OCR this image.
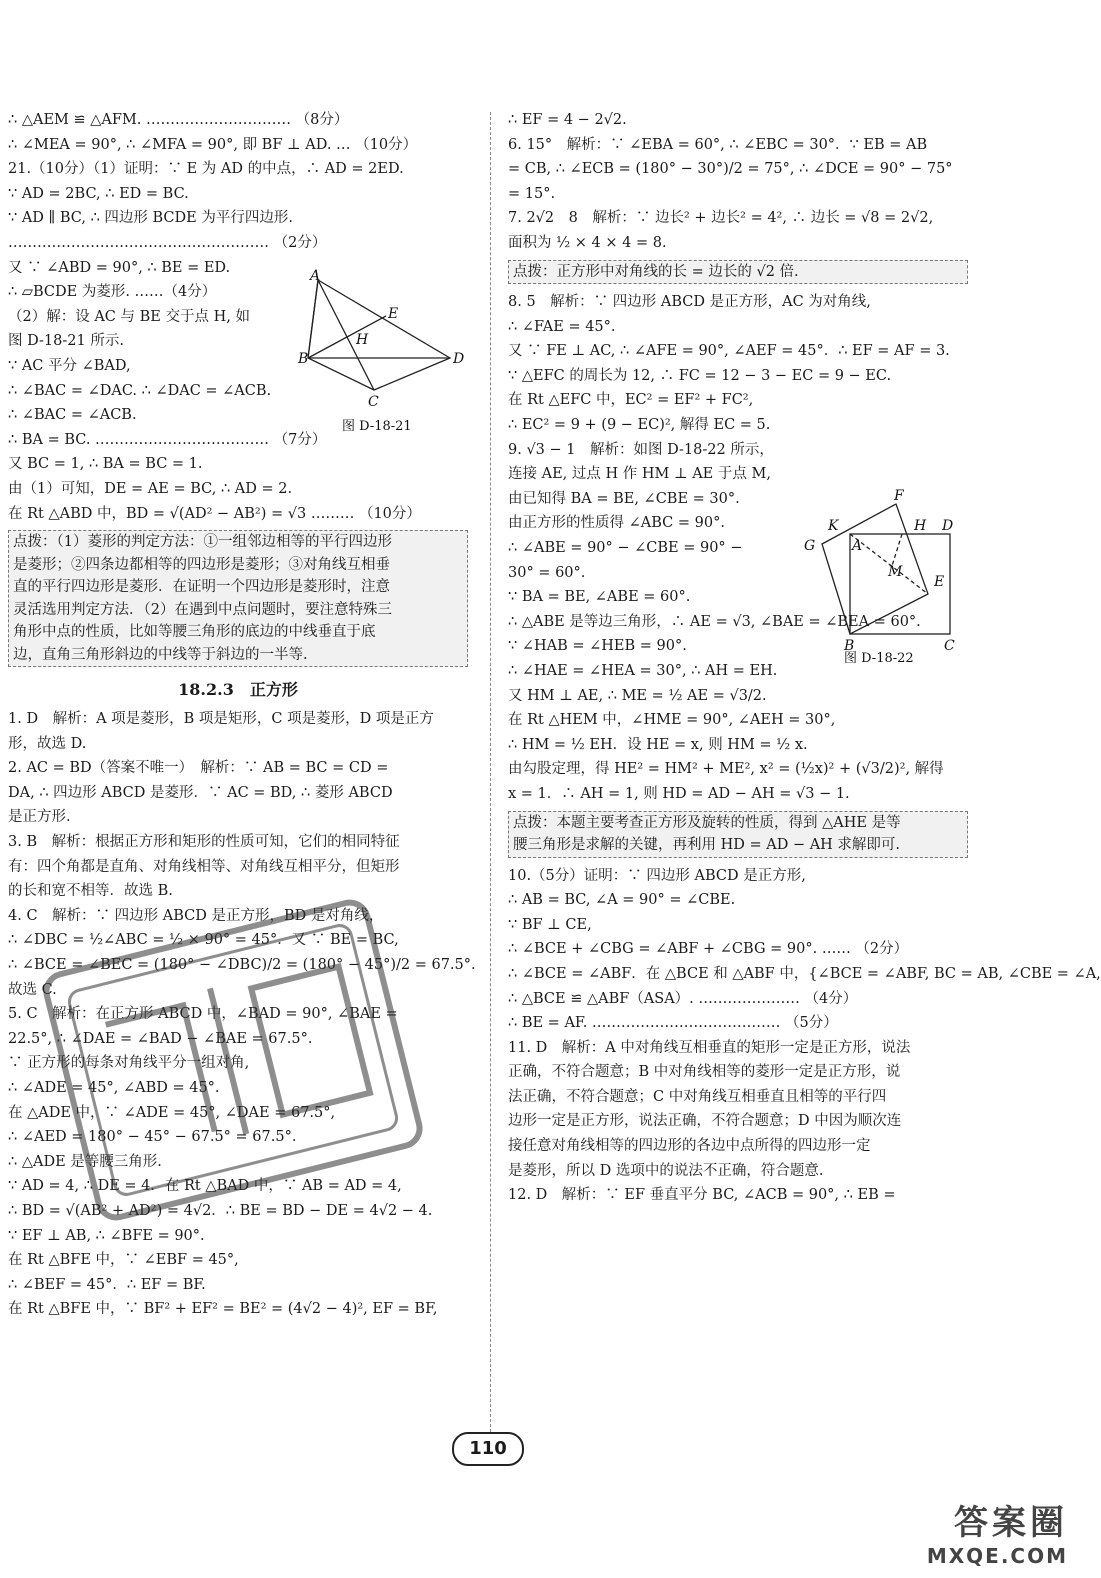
∴ △AEM ≌ △AFM. ………………………… （8分）
∴ ∠MEA = 90°, ∴ ∠MFA = 90°, 即 BF ⊥ AD. … （10分）
21.（10分）（1）证明：∵ E 为 AD 的中点，∴ AD = 2ED.
∵ AD = 2BC, ∴ ED = BC.
∵ AD ∥ BC, ∴ 四边形 BCDE 为平行四边形.
……………………………………………… （2分）
又 ∵ ∠ABD = 90°, ∴ BE = ED.
∴ ▱BCDE 为菱形. ……（4分）
（2）解：设 AC 与 BE 交于点 H, 如
图 D-18-21 所示.
∵ AC 平分 ∠BAD,
∴ ∠BAC = ∠DAC. ∴ ∠DAC = ∠ACB.
∴ ∠BAC = ∠ACB.
∴ BA = BC. ……………………………… （7分）
又 BC = 1, ∴ BA = BC = 1.
由（1）可知，DE = AE = BC, ∴ AD = 2.
在 Rt △ABD 中，BD = √(AD² − AB²) = √3 ……… （10分）
点拨：（1）菱形的判定方法：①一组邻边相等的平行四边形
是菱形；②四条边都相等的四边形是菱形；③对角线互相垂
直的平行四边形是菱形．在证明一个四边形是菱形时，注意
灵活选用判定方法．（2）在遇到中点问题时，要注意特殊三
角形中点的性质，比如等腰三角形的底边的中线垂直于底
边，直角三角形斜边的中线等于斜边的一半等.
18.2.3　正方形
1. D　解析：A 项是菱形，B 项是矩形，C 项是菱形，D 项是正方
形，故选 D.
2. AC = BD（答案不唯一）　解析：∵ AB = BC = CD =
DA, ∴ 四边形 ABCD 是菱形．∵ AC = BD, ∴ 菱形 ABCD
是正方形.
3. B　解析：根据正方形和矩形的性质可知，它们的相同特征
有：四个角都是直角、对角线相等、对角线互相平分，但矩形
的长和宽不相等．故选 B.
4. C　解析：∵ 四边形 ABCD 是正方形，BD 是对角线，
∴ ∠DBC = ½∠ABC = ½ × 90° = 45°．又 ∵ BE = BC,
∴ ∠BCE = ∠BEC = (180° − ∠DBC)/2 = (180° − 45°)/2 = 67.5°.
故选 C.
5. C　解析：在正方形 ABCD 中，∠BAD = 90°, ∠BAE =
22.5°, ∴ ∠DAE = ∠BAD − ∠BAE = 67.5°.
∵ 正方形的每条对角线平分一组对角,
∴ ∠ADE = 45°, ∠ABD = 45°.
在 △ADE 中，∵ ∠ADE = 45°, ∠DAE = 67.5°,
∴ ∠AED = 180° − 45° − 67.5° = 67.5°.
∴ △ADE 是等腰三角形.
∵ AD = 4, ∴ DE = 4．在 Rt △BAD 中，∵ AB = AD = 4,
∴ BD = √(AB² + AD²) = 4√2．∴ BE = BD − DE = 4√2 − 4.
∵ EF ⊥ AB, ∴ ∠BFE = 90°.
在 Rt △BFE 中，∵ ∠EBF = 45°,
∴ ∠BEF = 45°．∴ EF = BF.
在 Rt △BFE 中，∵ BF² + EF² = BE² = (4√2 − 4)², EF = BF,
∴ EF = 4 − 2√2.
6. 15°　解析：∵ ∠EBA = 60°, ∴ ∠EBC = 30°．∵ EB = AB
= CB, ∴ ∠ECB = (180° − 30°)/2 = 75°, ∴ ∠DCE = 90° − 75°
= 15°.
7. 2√2　8　解析：∵ 边长² + 边长² = 4², ∴ 边长 = √8 = 2√2,
面积为 ½ × 4 × 4 = 8.
点拨：正方形中对角线的长 = 边长的 √2 倍.
8. 5　解析：∵ 四边形 ABCD 是正方形，AC 为对角线,
∴ ∠FAE = 45°.
又 ∵ FE ⊥ AC, ∴ ∠AFE = 90°, ∠AEF = 45°．∴ EF = AF = 3.
∵ △EFC 的周长为 12, ∴ FC = 12 − 3 − EC = 9 − EC.
在 Rt △EFC 中，EC² = EF² + FC²,
∴ EC² = 9 + (9 − EC)², 解得 EC = 5.
9. √3 − 1　解析：如图 D-18-22 所示，
连接 AE, 过点 H 作 HM ⊥ AE 于点 M,
由已知得 BA = BE, ∠CBE = 30°.
由正方形的性质得 ∠ABC = 90°.
∴ ∠ABE = 90° − ∠CBE = 90° −
30° = 60°.
∵ BA = BE, ∠ABE = 60°.
∴ △ABE 是等边三角形，∴ AE = √3, ∠BAE = ∠BEA = 60°.
∵ ∠HAB = ∠HEB = 90°.
∴ ∠HAE = ∠HEA = 30°, ∴ AH = EH.
又 HM ⊥ AE, ∴ ME = ½ AE = √3/2.
在 Rt △HEM 中，∠HME = 90°, ∠AEH = 30°,
∴ HM = ½ EH．设 HE = x, 则 HM = ½ x.
由勾股定理，得 HE² = HM² + ME², x² = (½x)² + (√3/2)², 解得
x = 1．∴ AH = 1, 则 HD = AD − AH = √3 − 1.
点拨：本题主要考查正方形及旋转的性质，得到 △AHE 是等
腰三角形是求解的关键，再利用 HD = AD − AH 求解即可.
10.（5分）证明：∵ 四边形 ABCD 是正方形,
∴ AB = BC, ∠A = 90° = ∠CBE.
∵ BF ⊥ CE,
∴ ∠BCE + ∠CBG = ∠ABF + ∠CBG = 90°. …… （2分）
∴ ∠BCE = ∠ABF．在 △BCE 和 △ABF 中，{∠BCE = ∠ABF, BC = AB, ∠CBE = ∠A,
∴ △BCE ≌ △ABF（ASA）. ………………… （4分）
∴ BE = AF. ………………………………… （5分）
11. D　解析：A 中对角线互相垂直的矩形一定是正方形，说法
正确，不符合题意；B 中对角线相等的菱形一定是正方形，说
法正确，不符合题意；C 中对角线互相垂直且相等的平行四
边形一定是正方形，说法正确，不符合题意；D 中因为顺次连
接任意对角线相等的四边形的各边中点所得的四边形一定
是菱形，所以 D 选项中的说法不正确，符合题意.
12. D　解析：∵ EF 垂直平分 BC, ∠ACB = 90°, ∴ EB =
A
B
C
D
E
H
图 D-18-21
F
K
G	A
H D
M
E
B	C
图 D-18-22
110
答案圈
MXQE.COM
